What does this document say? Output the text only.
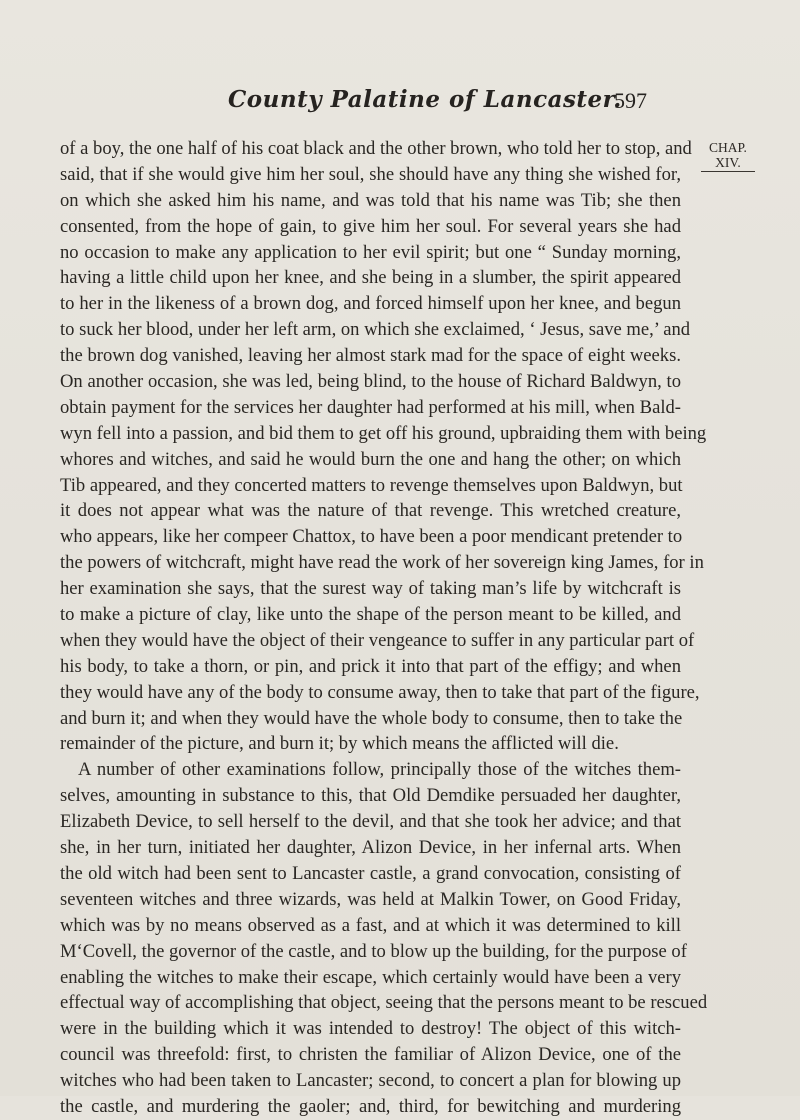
County Palatine of Lancaster.
597
CHAP.
XIV.
of a boy, the one half of his coat black and the other brown, who told her to stop, and
said, that if she would give him her soul, she should have any thing she wished for,
on which she asked him his name, and was told that his name was Tib; she then
consented, from the hope of gain, to give him her soul. For several years she had
no occasion to make any application to her evil spirit; but one “ Sunday morning,
having a little child upon her knee, and she being in a slumber, the spirit appeared
to her in the likeness of a brown dog, and forced himself upon her knee, and begun
to suck her blood, under her left arm, on which she exclaimed, ‘ Jesus, save me,’ and
the brown dog vanished, leaving her almost stark mad for the space of eight weeks.
On another occasion, she was led, being blind, to the house of Richard Baldwyn, to
obtain payment for the services her daughter had performed at his mill, when Bald-
wyn fell into a passion, and bid them to get off his ground, upbraiding them with being
whores and witches, and said he would burn the one and hang the other; on which
Tib appeared, and they concerted matters to revenge themselves upon Baldwyn, but
it does not appear what was the nature of that revenge. This wretched creature,
who appears, like her compeer Chattox, to have been a poor mendicant pretender to
the powers of witchcraft, might have read the work of her sovereign king James, for in
her examination she says, that the surest way of taking man’s life by witchcraft is
to make a picture of clay, like unto the shape of the person meant to be killed, and
when they would have the object of their vengeance to suffer in any particular part of
his body, to take a thorn, or pin, and prick it into that part of the effigy; and when
they would have any of the body to consume away, then to take that part of the figure,
and burn it; and when they would have the whole body to consume, then to take the
remainder of the picture, and burn it; by which means the afflicted will die.
A number of other examinations follow, principally those of the witches them-
selves, amounting in substance to this, that Old Demdike persuaded her daughter,
Elizabeth Device, to sell herself to the devil, and that she took her advice; and that
she, in her turn, initiated her daughter, Alizon Device, in her infernal arts. When
the old witch had been sent to Lancaster castle, a grand convocation, consisting of
seventeen witches and three wizards, was held at Malkin Tower, on Good Friday,
which was by no means observed as a fast, and at which it was determined to kill
M‘Covell, the governor of the castle, and to blow up the building, for the purpose of
enabling the witches to make their escape, which certainly would have been a very
effectual way of accomplishing that object, seeing that the persons meant to be rescued
were in the building which it was intended to destroy! The object of this witch-
council was threefold: first, to christen the familiar of Alizon Device, one of the
witches who had been taken to Lancaster; second, to concert a plan for blowing up
the castle, and murdering the gaoler; and, third, for bewitching and murdering
